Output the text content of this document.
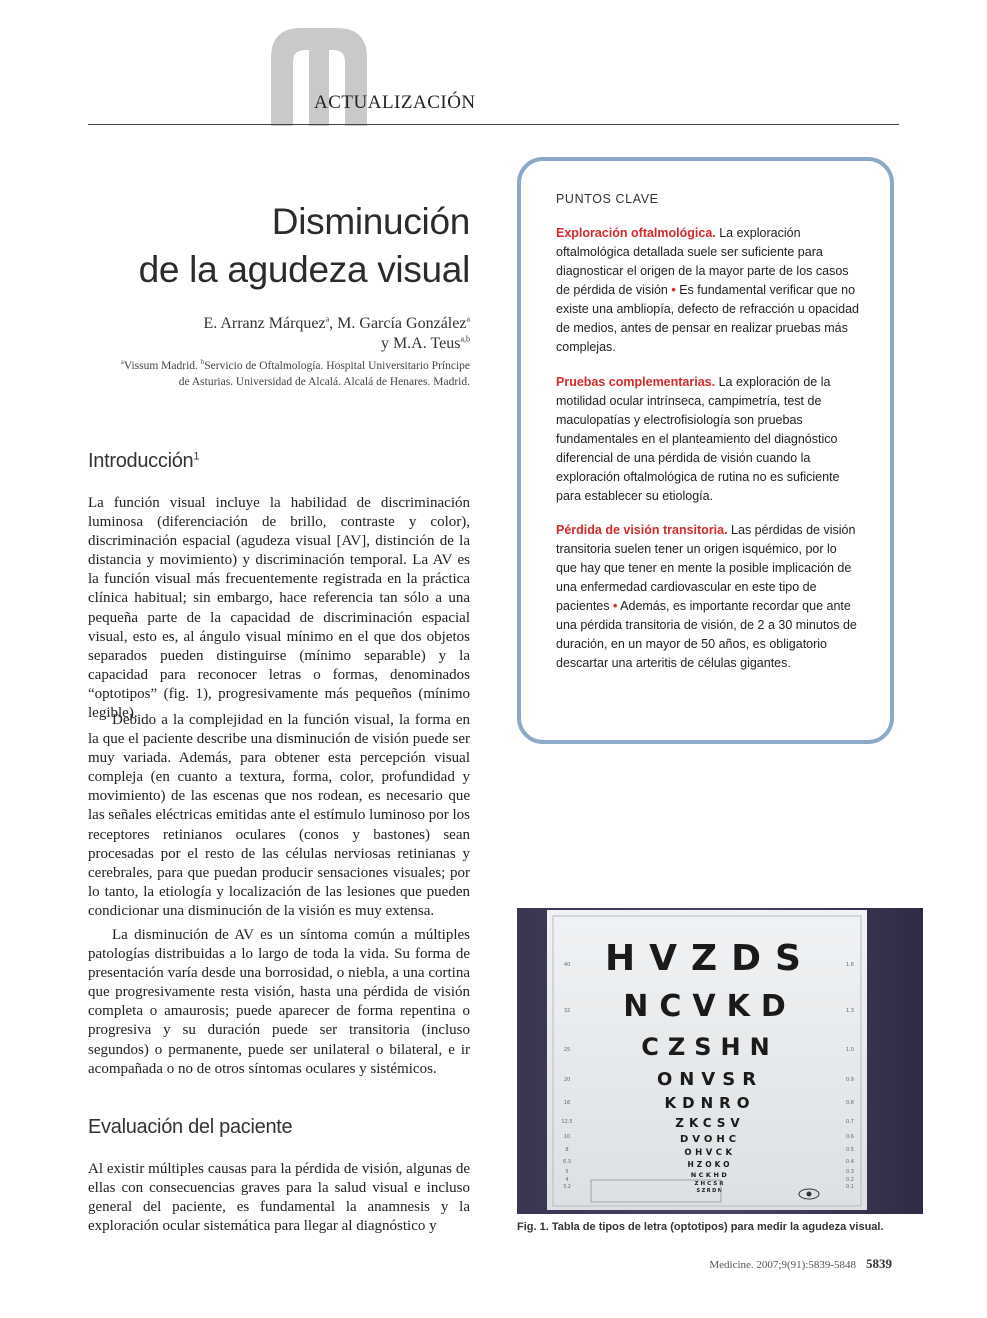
ACTUALIZACIÓN
Disminución
de la agudeza visual
E. Arranz Márquez$^a$, M. García González$^a$
y M.A. Teus$^{a,b}$
$^a$Vissum Madrid. $^b$Servicio de Oftalmología. Hospital Universitario Príncipe
de Asturias. Universidad de Alcalá. Alcalá de Henares. Madrid.
Introducción$^1$
La función visual incluye la habilidad de discriminación luminosa (diferenciación de brillo, contraste y color), discriminación espacial (agudeza visual [AV], distinción de la distancia y movimiento) y discriminación temporal. La AV es la función visual más frecuentemente registrada en la práctica clínica habitual; sin embargo, hace referencia tan sólo a una pequeña parte de la capacidad de discriminación espacial visual, esto es, al ángulo visual mínimo en el que dos objetos separados pueden distinguirse (mínimo separable) y la capacidad para reconocer letras o formas, denominados “optotipos” (fig. 1), progresivamente más pequeños (mínimo legible).
Debido a la complejidad en la función visual, la forma en la que el paciente describe una disminución de visión puede ser muy variada. Además, para obtener esta percepción visual compleja (en cuanto a textura, forma, color, profundidad y movimiento) de las escenas que nos rodean, es necesario que las señales eléctricas emitidas ante el estímulo luminoso por los receptores retinianos oculares (conos y bastones) sean procesadas por el resto de las células nerviosas retinianas y cerebrales, para que puedan producir sensaciones visuales; por lo tanto, la etiología y localización de las lesiones que pueden condicionar una disminución de la visión es muy extensa.
La disminución de AV es un síntoma común a múltiples patologías distribuidas a lo largo de toda la vida. Su forma de presentación varía desde una borrosidad, o niebla, a una cortina que progresivamente resta visión, hasta una pérdida de visión completa o amaurosis; puede aparecer de forma repentina o progresiva y su duración puede ser transitoria (incluso segundos) o permanente, puede ser unilateral o bilateral, e ir acompañada o no de otros síntomas oculares y sistémicos.
Evaluación del paciente
Al existir múltiples causas para la pérdida de visión, algunas de ellas con consecuencias graves para la salud visual e incluso general del paciente, es fundamental la anamnesis y la exploración ocular sistemática para llegar al diagnóstico y
PUNTOS CLAVE
Exploración oftalmológica. La exploración oftalmológica detallada suele ser suficiente para diagnosticar el origen de la mayor parte de los casos de pérdida de visión • Es fundamental verificar que no existe una ambliopía, defecto de refracción u opacidad de medios, antes de pensar en realizar pruebas más complejas.
Pruebas complementarias. La exploración de la motilidad ocular intrínseca, campimetría, test de maculopatías y electrofisiología son pruebas fundamentales en el planteamiento del diagnóstico diferencial de una pérdida de visión cuando la exploración oftalmológica de rutina no es suficiente para establecer su etiología.
Pérdida de visión transitoria. Las pérdidas de visión transitoria suelen tener un origen isquémico, por lo que hay que tener en mente la posible implicación de una enfermedad cardiovascular en este tipo de pacientes • Además, es importante recordar que ante una pérdida transitoria de visión, de 2 a 30 minutos de duración, en un mayor de 50 años, es obligatorio descartar una arteritis de células gigantes.
HVZDS
NCVKD
CZSHN
ONVSR
KDNRO
ZKCSV
DVOHC
OHVCK
HZOKO
NCKHD
ZHCSR
SZRDN
40
32
25
20
16
12.5
10
8
6.3
5
4
3.2
1.6
1.3
1.0
0.9
0.8
0.7
0.6
0.5
0.4
0.3
0.2
0.1
Fig. 1. Tabla de tipos de letra (optotipos) para medir la agudeza visual.
Medicine. 2007;9(91):5839-5848 5839
